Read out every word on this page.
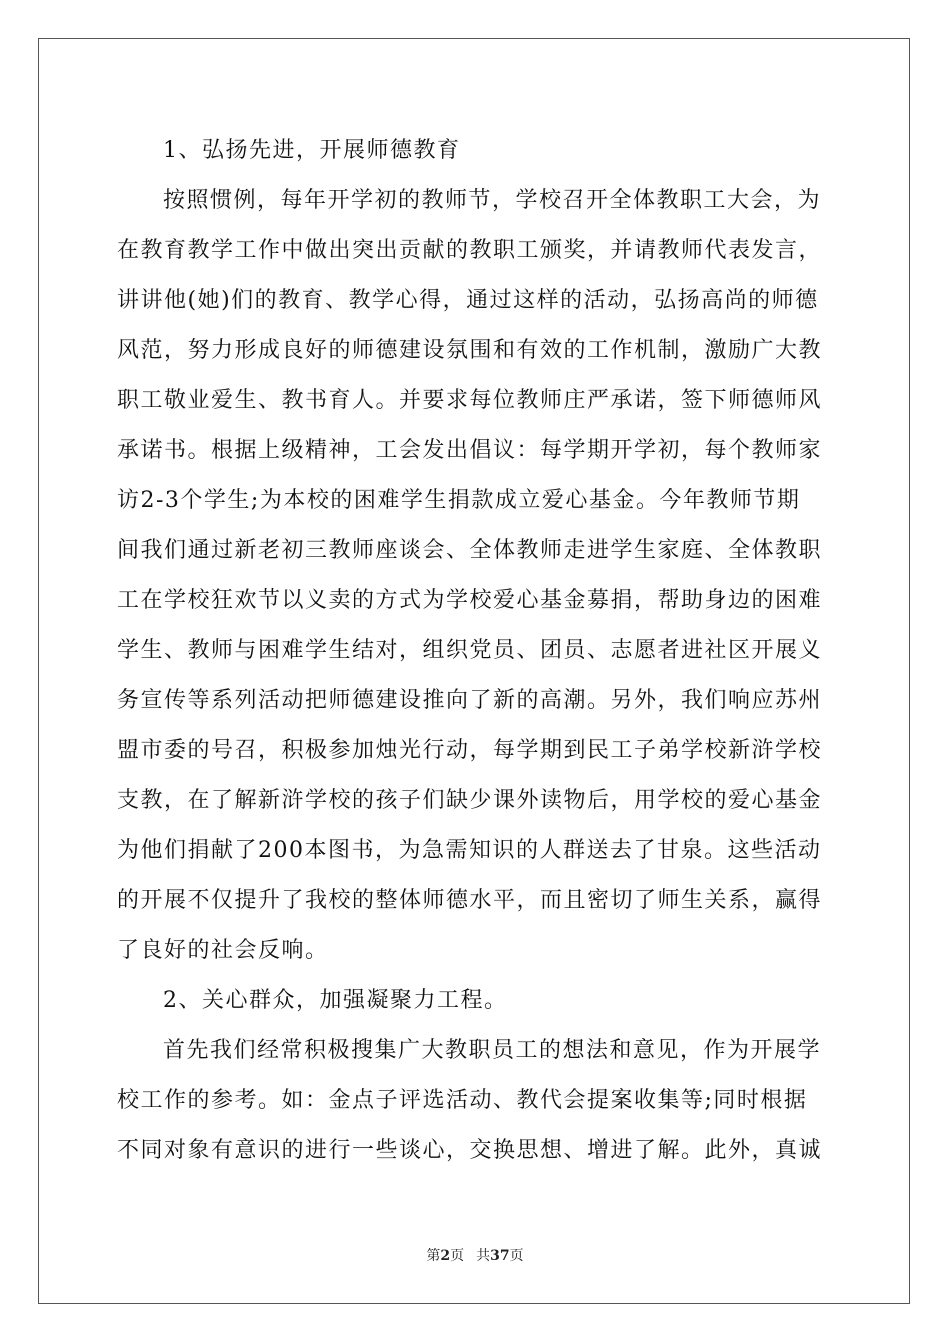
1、弘扬先进，开展师德教育
按照惯例，每年开学初的教师节，学校召开全体教职工大会，为
在教育教学工作中做出突出贡献的教职工颁奖，并请教师代表发言，
讲讲他(她)们的教育、教学心得，通过这样的活动，弘扬高尚的师德
风范，努力形成良好的师德建设氛围和有效的工作机制，激励广大教
职工敬业爱生、教书育人。并要求每位教师庄严承诺，签下师德师风
承诺书。根据上级精神，工会发出倡议：每学期开学初，每个教师家
访2-3个学生;为本校的困难学生捐款成立爱心基金。今年教师节期
间我们通过新老初三教师座谈会、全体教师走进学生家庭、全体教职
工在学校狂欢节以义卖的方式为学校爱心基金募捐，帮助身边的困难
学生、教师与困难学生结对，组织党员、团员、志愿者进社区开展义
务宣传等系列活动把师德建设推向了新的高潮。另外，我们响应苏州
盟市委的号召，积极参加烛光行动，每学期到民工子弟学校新浒学校
支教，在了解新浒学校的孩子们缺少课外读物后，用学校的爱心基金
为他们捐献了200本图书，为急需知识的人群送去了甘泉。这些活动
的开展不仅提升了我校的整体师德水平，而且密切了师生关系，赢得
了良好的社会反响。
2、关心群众，加强凝聚力工程。
首先我们经常积极搜集广大教职员工的想法和意见，作为开展学
校工作的参考。如：金点子评选活动、教代会提案收集等;同时根据
不同对象有意识的进行一些谈心，交换思想、增进了解。此外，真诚
第2页 共37页
